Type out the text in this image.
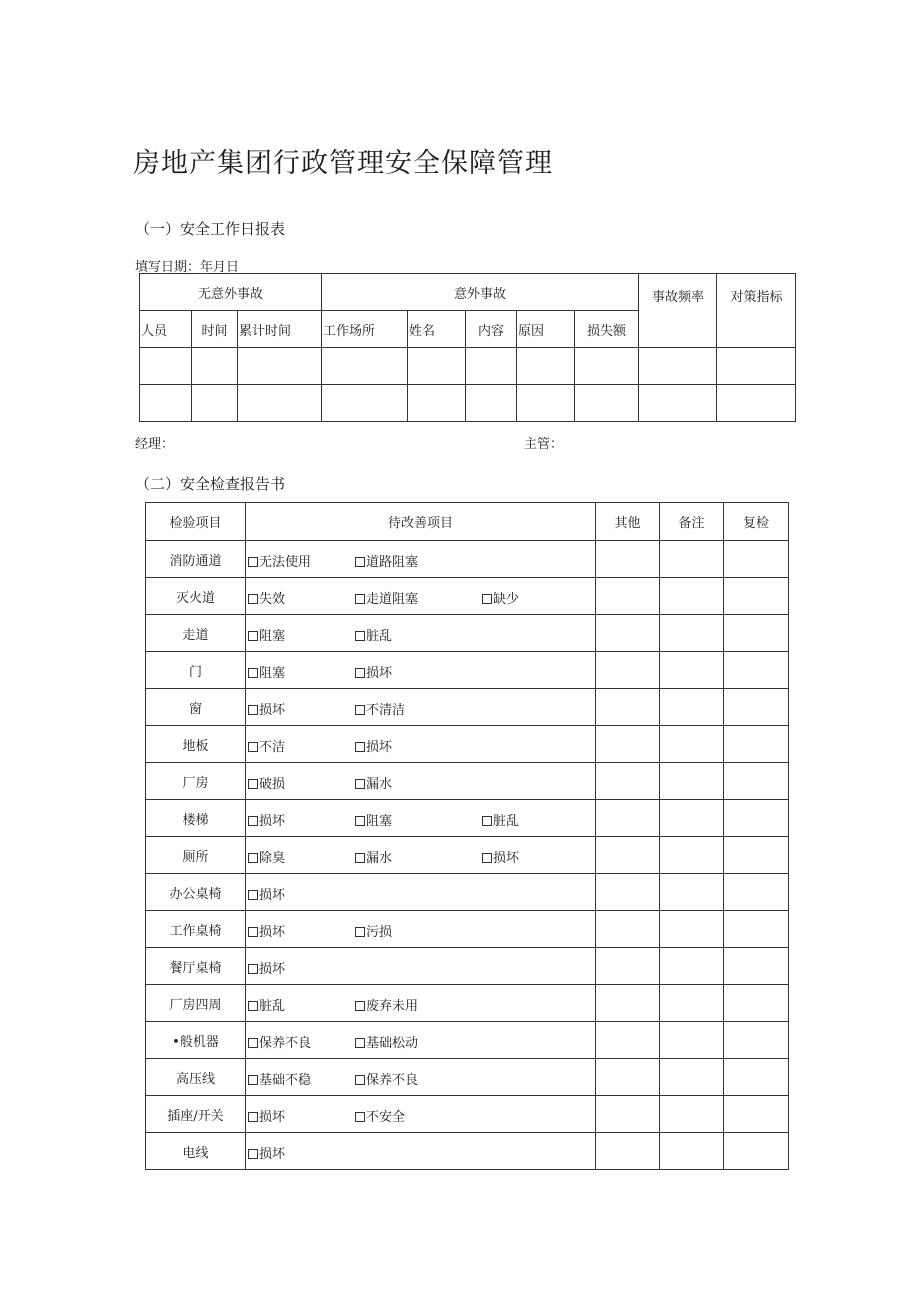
房地产集团行政管理安全保障管理
（一）安全工作日报表
填写日期：年月日
无意外事故			意外事故					事故频率	对策指标
人员	时间	累计时间	工作场所	姓名	内容	原因	损失额		

经理：	主管：
（二）安全检查报告书
检验项目	待改善项目	其他	备注	复检
消防通道	无法使用 道路阻塞			

灭火道	失效 走道阻塞 缺少			

走道	阻塞 脏乱			

门	阻塞 损坏			

窗	损坏 不清洁			

地板	不洁 损坏			

厂房	破损 漏水			

楼梯	损坏 阻塞 脏乱			

厕所	除臭 漏水 损坏			

办公桌椅	损坏			

工作桌椅	损坏 污损			

餐厅桌椅	损坏			

厂房四周	脏乱 废弃未用			

•般机器	保养不良 基础松动			

高压线	基础不稳 保养不良			

插座/开关	损坏 不安全			

电线	损坏			
